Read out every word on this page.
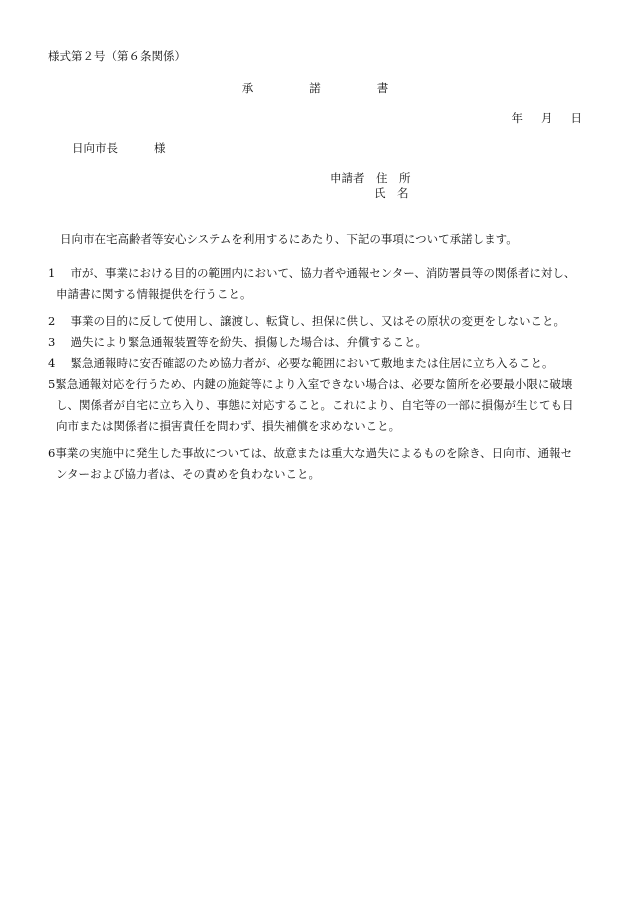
様式第２号（第６条関係）
承	諾	書
年 月 日
日向市長	様
申請者 住　所
氏　名
日向市在宅高齢者等安心システムを利用するにあたり、下記の事項について承諾します。
1　 市が、事業における目的の範囲内において、協力者や通報センター、消防署員等の関係者に対し、
申請書に関する情報提供を行うこと。
2　 事業の目的に反して使用し、譲渡し、転貸し、担保に供し、又はその原状の変更をしないこと。
3　 過失により緊急通報装置等を紛失、損傷した場合は、弁償すること。
4　 緊急通報時に安否確認のため協力者が、必要な範囲において敷地または住居に立ち入ること。
5緊急通報対応を行うため、内鍵の施錠等により入室できない場合は、必要な箇所を必要最小限に破壊
し、関係者が自宅に立ち入り、事態に対応すること。これにより、自宅等の一部に損傷が生じても日
向市または関係者に損害責任を問わず、損失補償を求めないこと。
6事業の実施中に発生した事故については、故意または重大な過失によるものを除き、日向市、通報セ
ンターおよび協力者は、その責めを負わないこと。
